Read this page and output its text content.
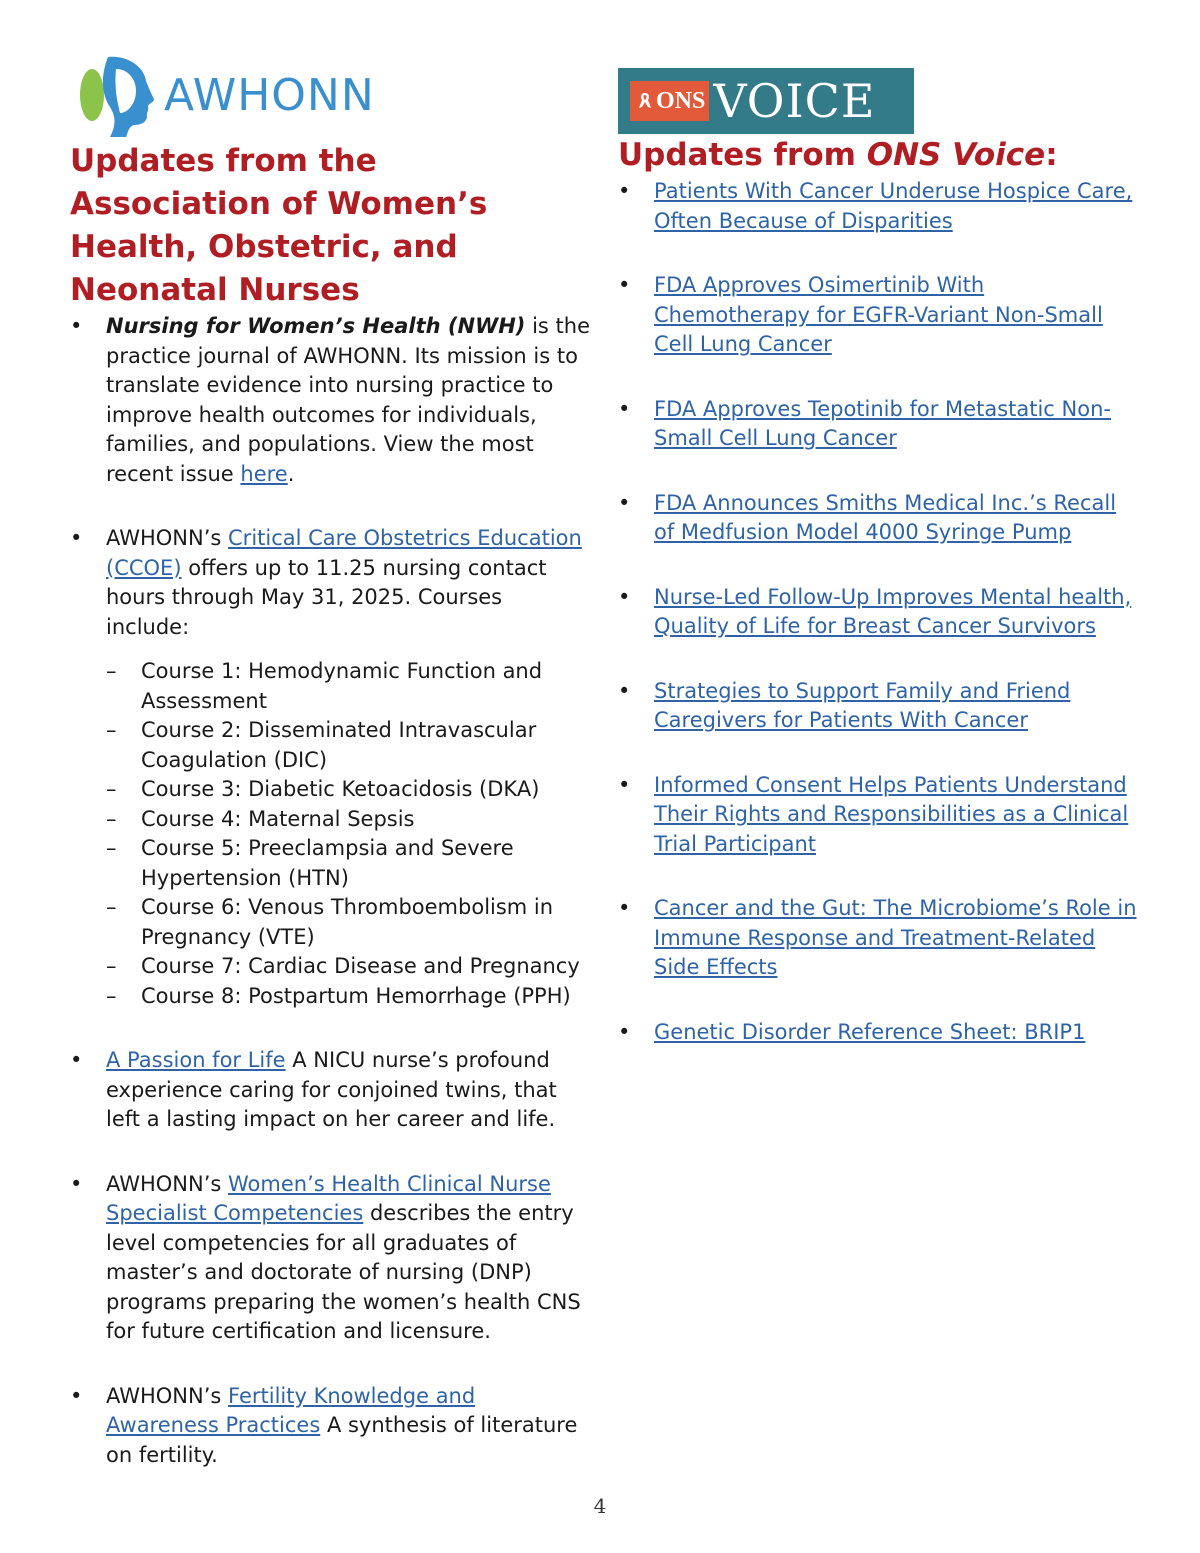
AWHONN
Updates from the Association of Women’s Health, Obstetric, and Neonatal Nurses
• Nursing for Women’s Health (NWH) is the practice journal of AWHONN. Its mission is to translate evidence into nursing practice to improve health outcomes for individuals, families, and populations. View the most recent issue here.
• AWHONN’s Critical Care Obstetrics Education (CCOE) offers up to 11.25 nursing contact hours through May 31, 2025. Courses include:
– Course 1: Hemodynamic Function and Assessment
– Course 2: Disseminated Intravascular Coagulation (DIC)
– Course 3: Diabetic Ketoacidosis (DKA)
– Course 4: Maternal Sepsis
– Course 5: Preeclampsia and Severe Hypertension (HTN)
– Course 6: Venous Thromboembolism in Pregnancy (VTE)
– Course 7: Cardiac Disease and Pregnancy
– Course 8: Postpartum Hemorrhage (PPH)
• A Passion for Life A NICU nurse’s profound experience caring for conjoined twins, that left a lasting impact on her career and life.
• AWHONN’s Women’s Health Clinical Nurse Specialist Competencies describes the entry level competencies for all graduates of master’s and doctorate of nursing (DNP) programs preparing the women’s health CNS for future certification and licensure.
• AWHONN’s Fertility Knowledge and Awareness Practices A synthesis of literature on fertility.
ONS VOICE
Updates from ONS Voice:
• Patients With Cancer Underuse Hospice Care, Often Because of Disparities
• FDA Approves Osimertinib With Chemotherapy for EGFR-Variant Non-Small Cell Lung Cancer
• FDA Approves Tepotinib for Metastatic Non-Small Cell Lung Cancer
• FDA Announces Smiths Medical Inc.’s Recall of Medfusion Model 4000 Syringe Pump
• Nurse-Led Follow-Up Improves Mental health, Quality of Life for Breast Cancer Survivors
• Strategies to Support Family and Friend Caregivers for Patients With Cancer
• Informed Consent Helps Patients Understand Their Rights and Responsibilities as a Clinical Trial Participant
• Cancer and the Gut: The Microbiome’s Role in Immune Response and Treatment-Related Side Effects
• Genetic Disorder Reference Sheet: BRIP1
4
